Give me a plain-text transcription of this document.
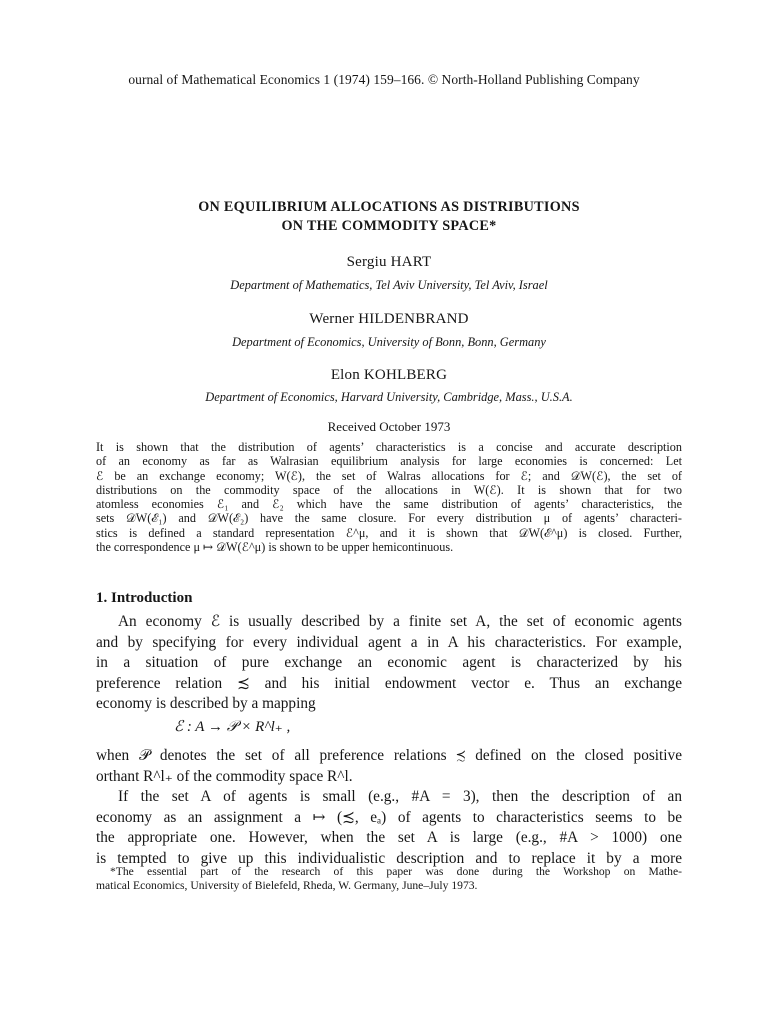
ournal of Mathematical Economics 1 (1974) 159–166. © North-Holland Publishing Company
ON EQUILIBRIUM ALLOCATIONS AS DISTRIBUTIONS
ON THE COMMODITY SPACE*
Sergiu HART
Department of Mathematics, Tel Aviv University, Tel Aviv, Israel
Werner HILDENBRAND
Department of Economics, University of Bonn, Bonn, Germany
Elon KOHLBERG
Department of Economics, Harvard University, Cambridge, Mass., U.S.A.
Received October 1973
It is shown that the distribution of agents’ characteristics is a concise and accurate description
of an economy as far as Walrasian equilibrium analysis for large economies is concerned: Let
ℰ be an exchange economy; W(ℰ), the set of Walras allocations for ℰ; and 𝒟W(ℰ), the set of
distributions on the commodity space of the allocations in W(ℰ). It is shown that for two
atomless economies ℰ₁ and ℰ₂ which have the same distribution of agents’ characteristics, the
sets 𝒟W(ℰ₁) and 𝒟W(ℰ₂) have the same closure. For every distribution μ of agents’ characteri-
stics is defined a standard representation ℰ^μ, and it is shown that 𝒟W(ℰ^μ) is closed. Further,
the correspondence μ ↦ 𝒟W(ℰ^μ) is shown to be upper hemicontinuous.
1. Introduction
An economy ℰ is usually described by a finite set A, the set of economic agents
and by specifying for every individual agent a in A his characteristics. For example,
in a situation of pure exchange an economic agent is characterized by his
preference relation ≾ and his initial endowment vector e. Thus an exchange
economy is described by a mapping
ℰ : A → 𝒫 × R^l₊ ,
when 𝒫 denotes the set of all preference relations ≾ defined on the closed positive
orthant R^l₊ of the commodity space R^l.
If the set A of agents is small (e.g., #A = 3), then the description of an
economy as an assignment a ↦ (≾, eₐ) of agents to characteristics seems to be
the appropriate one. However, when the set A is large (e.g., #A > 1000) one
is tempted to give up this individualistic description and to replace it by a more
*The essential part of the research of this paper was done during the Workshop on Mathe-
matical Economics, University of Bielefeld, Rheda, W. Germany, June–July 1973.
